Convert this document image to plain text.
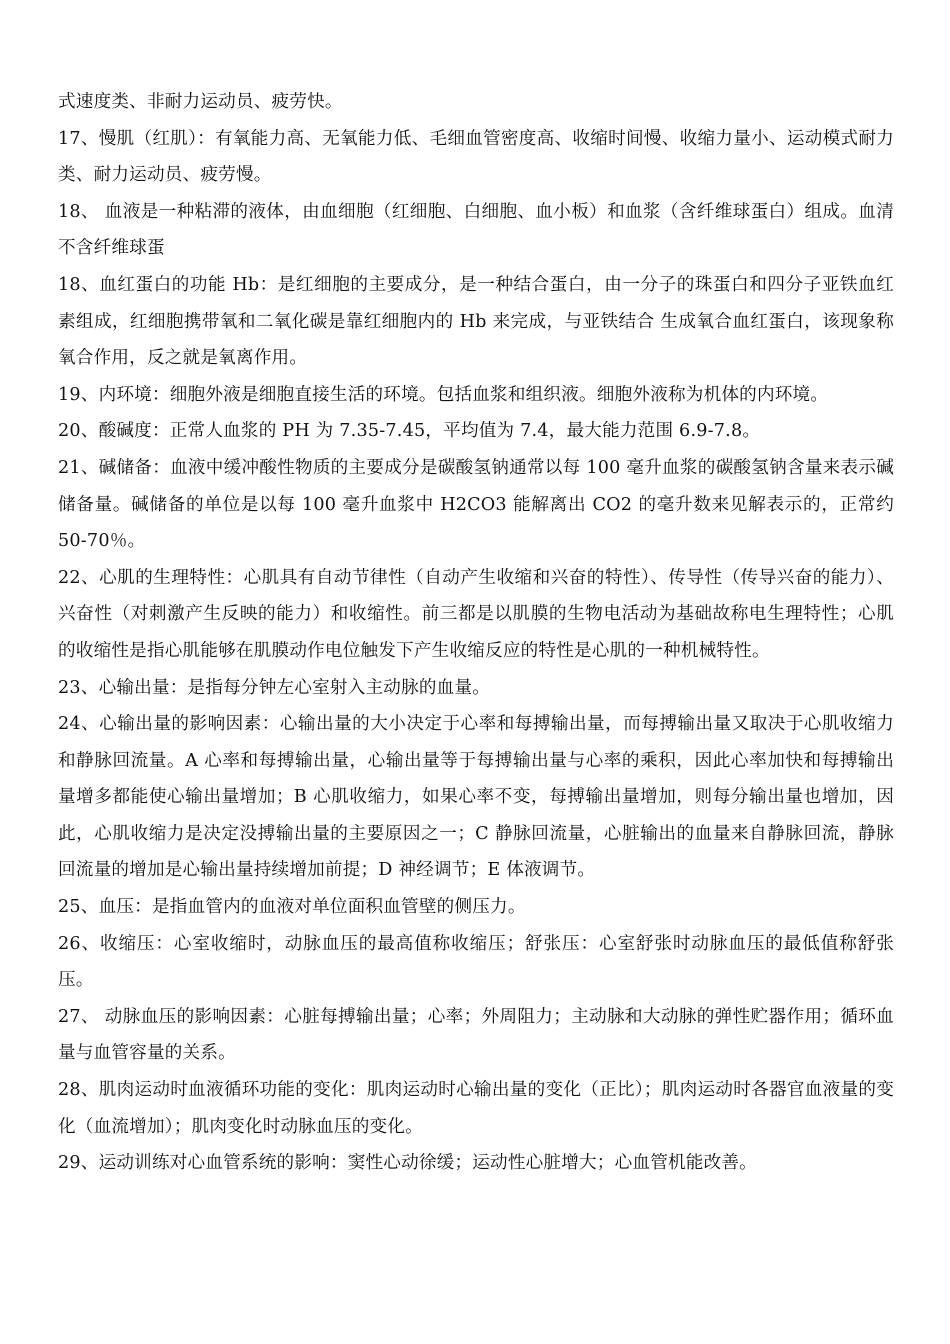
式速度类、非耐力运动员、疲劳快。

17、慢肌（红肌）：有氧能力高、无氧能力低、毛细血管密度高、收缩时间慢、收缩力量小、运动模式耐力类、耐力运动员、疲劳慢。

18、 血液是一种粘滞的液体，由血细胞（红细胞、白细胞、血小板）和血浆（含纤维球蛋白）组成。血清不含纤维球蛋

18、血红蛋白的功能 Hb：是红细胞的主要成分，是一种结合蛋白，由一分子的珠蛋白和四分子亚铁血红素组成，红细胞携带氧和二氧化碳是靠红细胞内的 Hb 来完成，与亚铁结合 生成氧合血红蛋白，该现象称氧合作用，反之就是氧离作用。

19、内环境：细胞外液是细胞直接生活的环境。包括血浆和组织液。细胞外液称为机体的内环境。

20、酸碱度：正常人血浆的 PH 为 7.35-7.45，平均值为 7.4，最大能力范围 6.9-7.8。

21、碱储备：血液中缓冲酸性物质的主要成分是碳酸氢钠通常以每 100 毫升血浆的碳酸氢钠含量来表示碱储备量。碱储备的单位是以每 100 毫升血浆中 H2CO3 能解离出 CO2 的毫升数来见解表示的，正常约 50-70％。

22、心肌的生理特性：心肌具有自动节律性（自动产生收缩和兴奋的特性）、传导性（传导兴奋的能力）、兴奋性（对刺激产生反映的能力）和收缩性。前三都是以肌膜的生物电活动为基础故称电生理特性；心肌的收缩性是指心肌能够在肌膜动作电位触发下产生收缩反应的特性是心肌的一种机械特性。

23、心输出量：是指每分钟左心室射入主动脉的血量。

24、心输出量的影响因素：心输出量的大小决定于心率和每搏输出量，而每搏输出量又取决于心肌收缩力和静脉回流量。A 心率和每搏输出量，心输出量等于每搏输出量与心率的乘积，因此心率加快和每搏输出量增多都能使心输出量增加；B 心肌收缩力，如果心率不变，每搏输出量增加，则每分输出量也增加，因此，心肌收缩力是决定没搏输出量的主要原因之一；C 静脉回流量，心脏输出的血量来自静脉回流，静脉回流量的增加是心输出量持续增加前提；D 神经调节；E 体液调节。

25、血压：是指血管内的血液对单位面积血管壁的侧压力。

26、收缩压：心室收缩时，动脉血压的最高值称收缩压；舒张压：心室舒张时动脉血压的最低值称舒张压。

27、 动脉血压的影响因素：心脏每搏输出量；心率；外周阻力；主动脉和大动脉的弹性贮器作用；循环血量与血管容量的关系。

28、肌肉运动时血液循环功能的变化：肌肉运动时心输出量的变化（正比）；肌肉运动时各器官血液量的变化（血流增加）；肌肉变化时动脉血压的变化。

29、运动训练对心血管系统的影响：窦性心动徐缓；运动性心脏增大；心血管机能改善。
